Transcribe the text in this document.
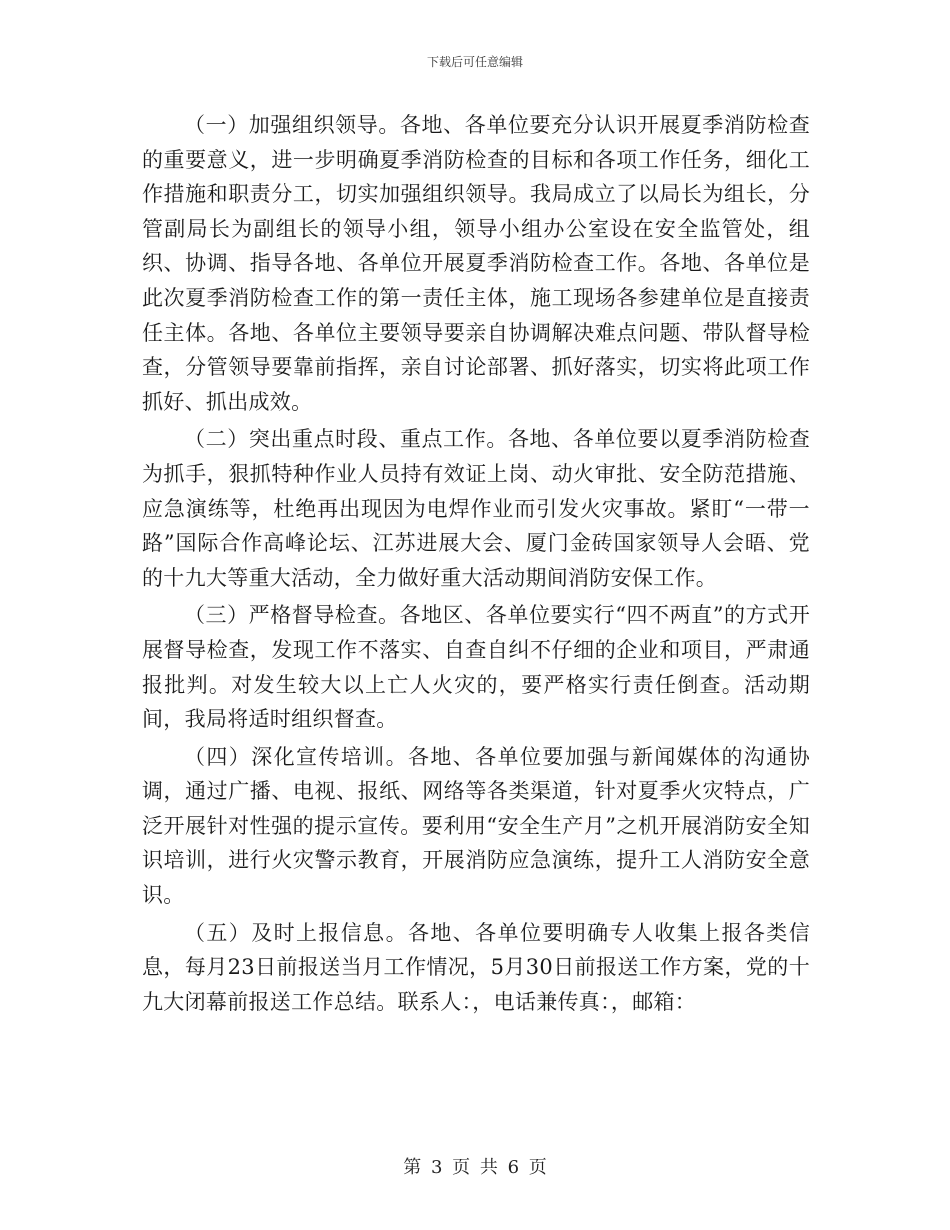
下载后可任意编辑

（一）加强组织领导。各地、各单位要充分认识开展夏季消防检查的重要意义，进一步明确夏季消防检查的目标和各项工作任务，细化工作措施和职责分工，切实加强组织领导。我局成立了以局长为组长，分管副局长为副组长的领导小组，领导小组办公室设在安全监管处，组织、协调、指导各地、各单位开展夏季消防检查工作。各地、各单位是此次夏季消防检查工作的第一责任主体，施工现场各参建单位是直接责任主体。各地、各单位主要领导要亲自协调解决难点问题、带队督导检查，分管领导要靠前指挥，亲自讨论部署、抓好落实，切实将此项工作抓好、抓出成效。

（二）突出重点时段、重点工作。各地、各单位要以夏季消防检查为抓手，狠抓特种作业人员持有效证上岗、动火审批、安全防范措施、应急演练等，杜绝再出现因为电焊作业而引发火灾事故。紧盯“一带一路”国际合作高峰论坛、江苏进展大会、厦门金砖国家领导人会晤、党的十九大等重大活动，全力做好重大活动期间消防安保工作。

（三）严格督导检查。各地区、各单位要实行“四不两直”的方式开展督导检查，发现工作不落实、自查自纠不仔细的企业和项目，严肃通报批判。对发生较大以上亡人火灾的，要严格实行责任倒查。活动期间，我局将适时组织督查。

（四）深化宣传培训。各地、各单位要加强与新闻媒体的沟通协调，通过广播、电视、报纸、网络等各类渠道，针对夏季火灾特点，广泛开展针对性强的提示宣传。要利用“安全生产月”之机开展消防安全知识培训，进行火灾警示教育，开展消防应急演练，提升工人消防安全意识。

（五）及时上报信息。各地、各单位要明确专人收集上报各类信息，每月23日前报送当月工作情况，5月30日前报送工作方案，党的十九大闭幕前报送工作总结。联系人：，电话兼传真：，邮箱：

第 3 页 共 6 页
